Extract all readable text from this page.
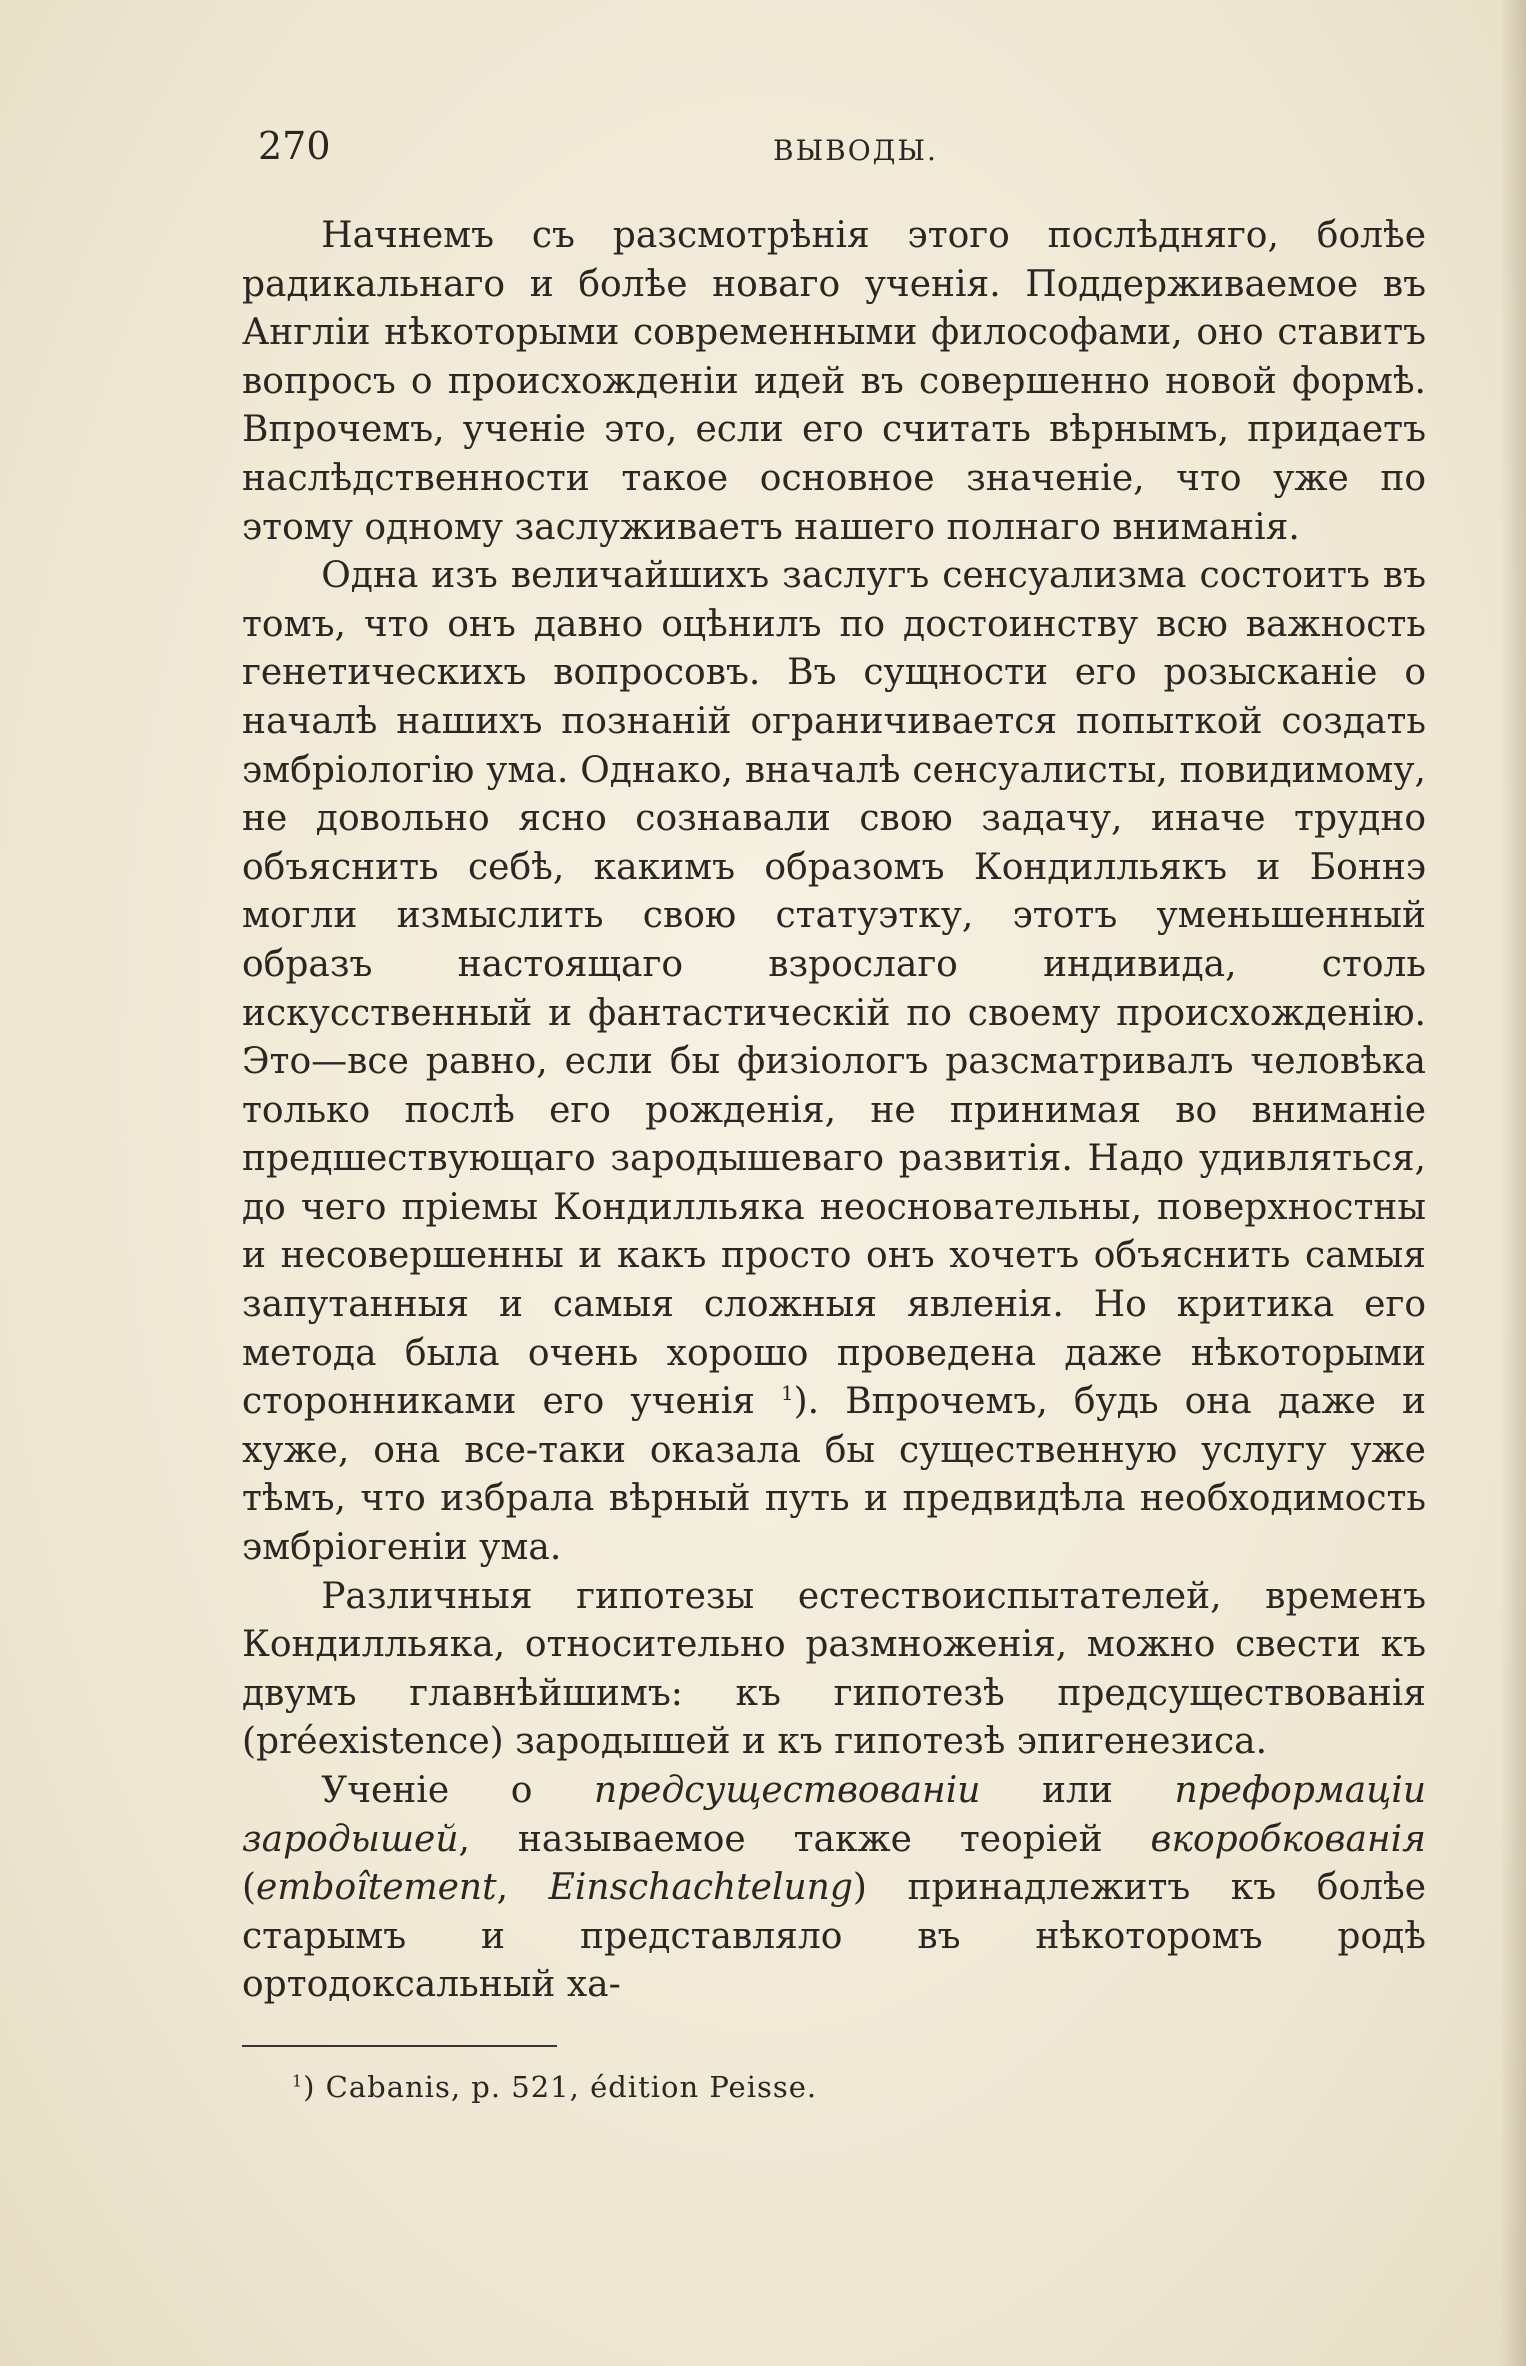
270	ВЫВОДЫ.

Начнемъ съ разсмотрѣнія этого послѣдняго, болѣе радикальнаго и болѣе новаго ученія. Поддерживаемое въ Англіи нѣкоторыми современными философами, оно ставитъ вопросъ о происхожденіи идей въ совершенно новой формѣ. Впрочемъ, ученіе это, если его считать вѣрнымъ, придаетъ наслѣдственности такое основное значеніе, что уже по этому одному заслуживаетъ нашего полнаго вниманія.

Одна изъ величайшихъ заслугъ сенсуализма состоитъ въ томъ, что онъ давно оцѣнилъ по достоинству всю важность генетическихъ вопросовъ. Въ сущности его розысканіе о началѣ нашихъ познаній ограничивается попыткой создать эмбріологію ума. Однако, вначалѣ сенсуалисты, повидимому, не довольно ясно сознавали свою задачу, иначе трудно объяснить себѣ, какимъ образомъ Кондилльякъ и Боннэ могли измыслить свою статуэтку, этотъ уменьшенный образъ настоящаго взрослаго индивида, столь искусственный и фантастическій по своему происхожденію. Это—все равно, если бы физіологъ разсматривалъ человѣка только послѣ его рожденія, не принимая во вниманіе предшествующаго зародышеваго развитія. Надо удивляться, до чего пріемы Кондилльяка неосновательны, поверхностны и несовершенны и какъ просто онъ хочетъ объяснить самыя запутанныя и самыя сложныя явленія. Но критика его метода была очень хорошо проведена даже нѣкоторыми сторонниками его ученія $^1$). Впрочемъ, будь она даже и хуже, она все-таки оказала бы существенную услугу уже тѣмъ, что избрала вѣрный путь и предвидѣла необходимость эмбріогеніи ума.

Различныя гипотезы естествоиспытателей, временъ Кондилльяка, относительно размноженія, можно свести къ двумъ главнѣйшимъ: къ гипотезѣ предсуществованія (préexistence) зародышей и къ гипотезѣ эпигенезиса.

Ученіе о предсуществованіи или преформаціи зародышей, называемое также теоріей вкоробкованія (emboîtement, Einschachtelung) принадлежитъ къ болѣе старымъ и представляло въ нѣкоторомъ родѣ ортодоксальный ха-

$^1$) Cabanis, p. 521, édition Peisse.
